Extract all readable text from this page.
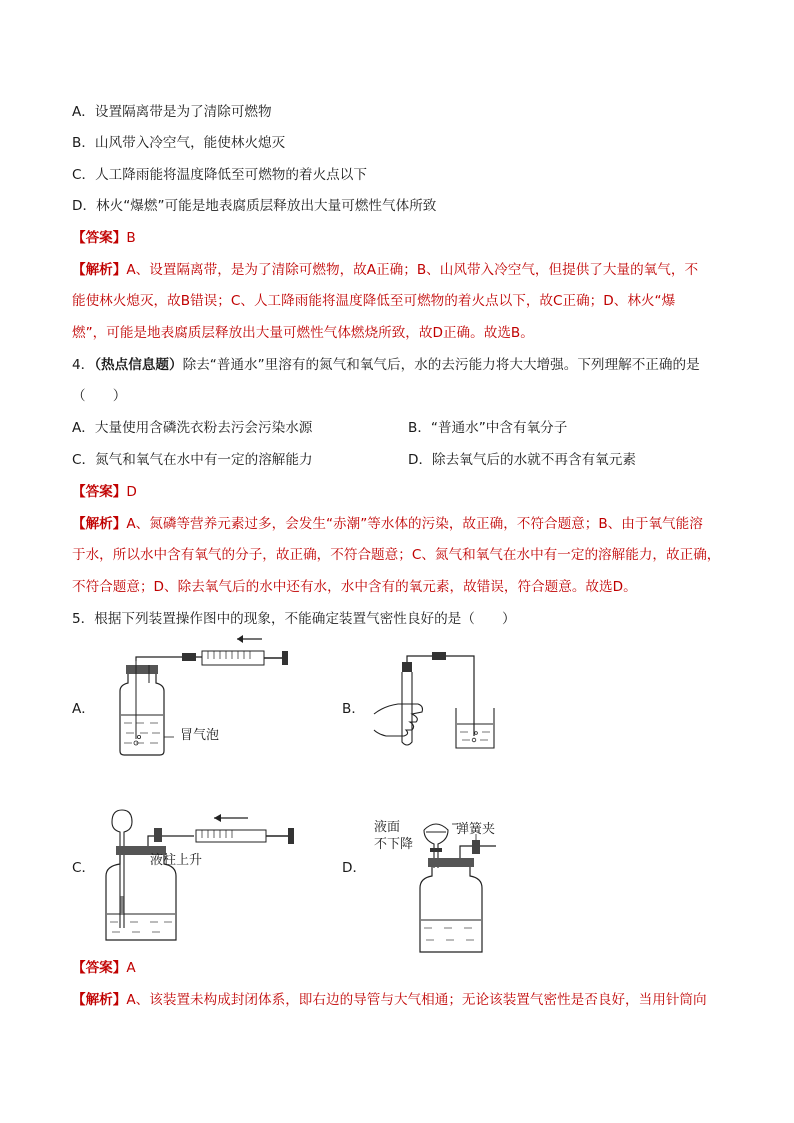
A．设置隔离带是为了清除可燃物
B．山风带入冷空气，能使林火熄灭
C．人工降雨能将温度降低至可燃物的着火点以下
D．林火“爆燃”可能是地表腐质层释放出大量可燃性气体所致
【答案】B
【解析】A、设置隔离带，是为了清除可燃物，故A正确；B、山风带入冷空气，但提供了大量的氧气，不
能使林火熄灭，故B错误；C、人工降雨能将温度降低至可燃物的着火点以下，故C正确；D、林火“爆
燃”，可能是地表腐质层释放出大量可燃性气体燃烧所致，故D正确。故选B。
4．（热点信息题）除去“普通水”里溶有的氮气和氧气后，水的去污能力将大大增强。下列理解不正确的是
（　　）
A．大量使用含磷洗衣粉去污会污染水源	B．“普通水”中含有氧分子
C．氮气和氧气在水中有一定的溶解能力	D．除去氧气后的水就不再含有氧元素
【答案】D
【解析】A、氮磷等营养元素过多，会发生“赤潮”等水体的污染，故正确，不符合题意；B、由于氧气能溶
于水，所以水中含有氧气的分子，故正确，不符合题意；C、氮气和氧气在水中有一定的溶解能力，故正确，
不符合题意；D、除去氧气后的水中还有水，水中含有的氧元素，故错误，符合题意。故选D。
5．根据下列装置操作图中的现象，不能确定装置气密性良好的是（　　）
A．
冒气泡
B．
C．	液柱上升	D．
液面
不下降
弹簧夹
【答案】A
【解析】A、该装置未构成封闭体系，即右边的导管与大气相通；无论该装置气密性是否良好，当用针筒向
